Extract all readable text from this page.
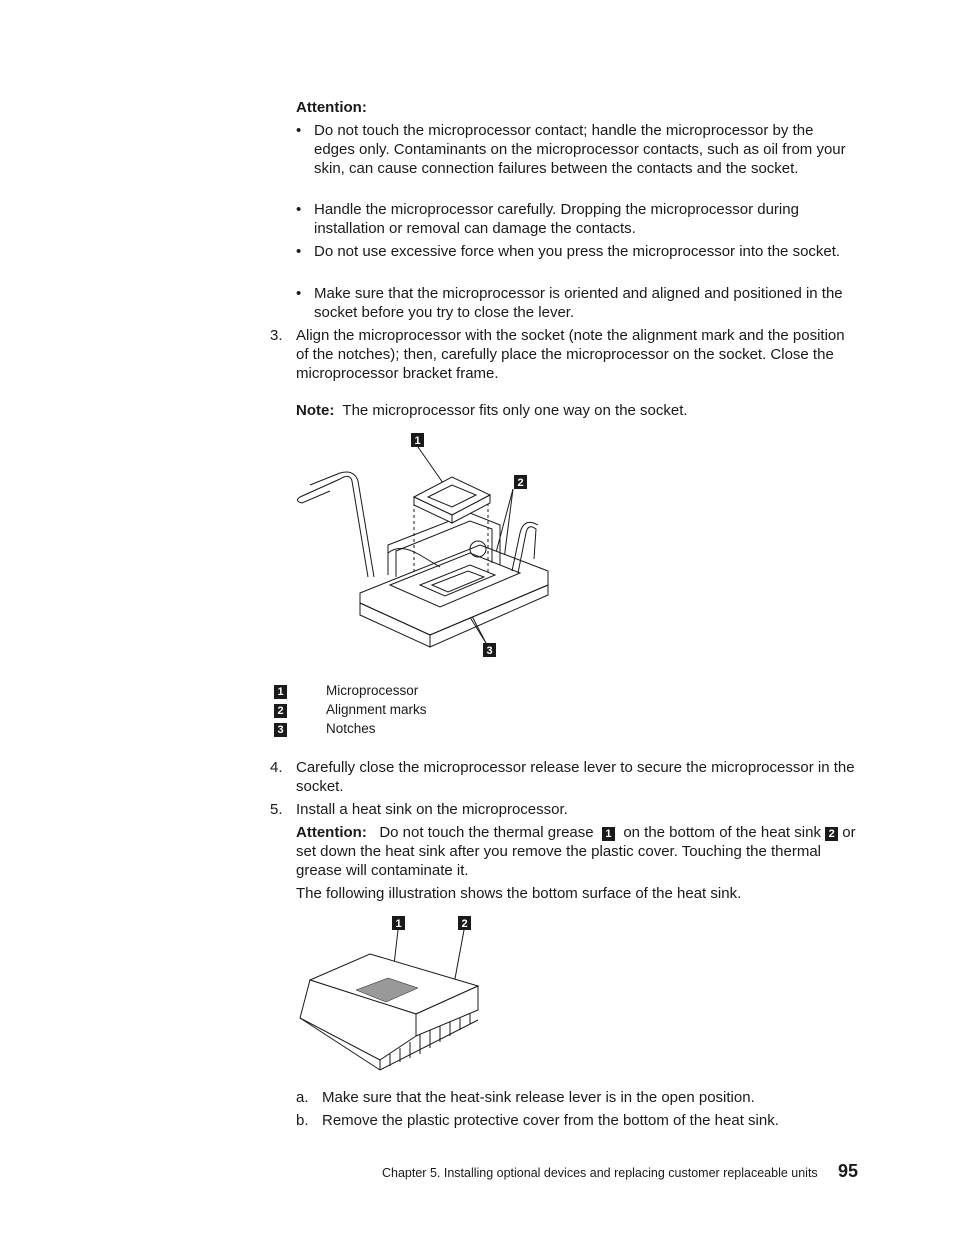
Attention:
• Do not touch the microprocessor contact; handle the microprocessor by the edges only. Contaminants on the microprocessor contacts, such as oil from your skin, can cause connection failures between the contacts and the socket.
• Handle the microprocessor carefully. Dropping the microprocessor during installation or removal can damage the contacts.
• Do not use excessive force when you press the microprocessor into the socket.
• Make sure that the microprocessor is oriented and aligned and positioned in the socket before you try to close the lever.
3. Align the microprocessor with the socket (note the alignment mark and the position of the notches); then, carefully place the microprocessor on the socket. Close the microprocessor bracket frame.
Note: The microprocessor fits only one way on the socket.
1
2
3
1	Microprocessor
2	Alignment marks
3	Notches
4. Carefully close the microprocessor release lever to secure the microprocessor in the socket.
5. Install a heat sink on the microprocessor.
Attention: Do not touch the thermal grease 1 on the bottom of the heat sink 2 or set down the heat sink after you remove the plastic cover. Touching the thermal grease will contaminate it.
The following illustration shows the bottom surface of the heat sink.
1	2
a. Make sure that the heat-sink release lever is in the open position.
b. Remove the plastic protective cover from the bottom of the heat sink.
Chapter 5. Installing optional devices and replacing customer replaceable units 95
